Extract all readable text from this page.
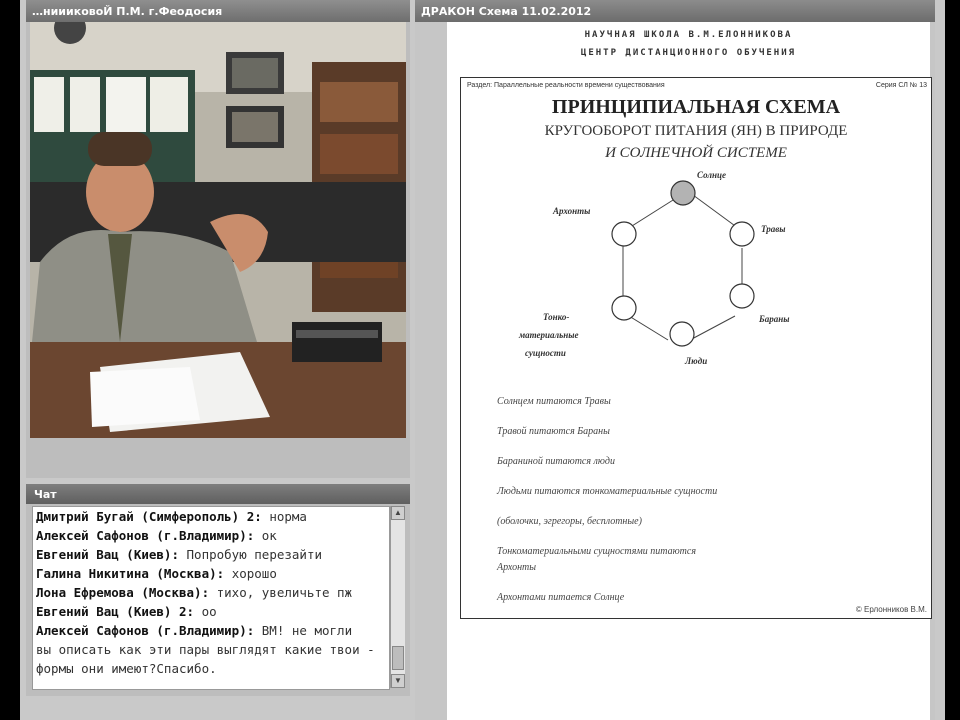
…ниииковоЙ П.М. г.Феодосия
Чат
Дмитрий Бугай (Симферополь) 2: норма
Алексей Сафонов (г.Владимир): ок
Евгений Вац (Киев): Попробую перезайти
Галина Никитина (Москва): хорошо
Лона Ефремова (Москва): тихо, увеличьте пж
Евгений Вац (Киев) 2: оо
Алексей Сафонов (г.Владимир): ВМ! не могли
вы описать как эти пары выглядят какие твои -
формы они имеют?Спасибо.
▲
▼
ДРАКОН Схема 11.02.2012
НАУЧНАЯ ШКОЛА В.М.ЕЛОННИКОВА
ЦЕНТР ДИСТАНЦИОННОГО ОБУЧЕНИЯ
Раздел: Параллельные реальности времени существования	Серия СЛ № 13
ПРИНЦИПИАЛЬНАЯ СХЕМА
КРУГООБОРОТ ПИТАНИЯ (ЯН) В ПРИРОДЕ
И СОЛНЕЧНОЙ СИСТЕМЕ
Солнце
Архонты
Травы
Бараны
Люди
Тонко-
материальные
сущности
Солнцем питаются Травы
Травой питаются Бараны
Бараниной питаются люди
Людьми питаются тонкоматериальные сущности
(оболочки, эгрегоры, бесплотные)
Тонкоматериальными сущностями питаются
Архонты
Архонтами питается Солнце
© Ерлонников В.М.
